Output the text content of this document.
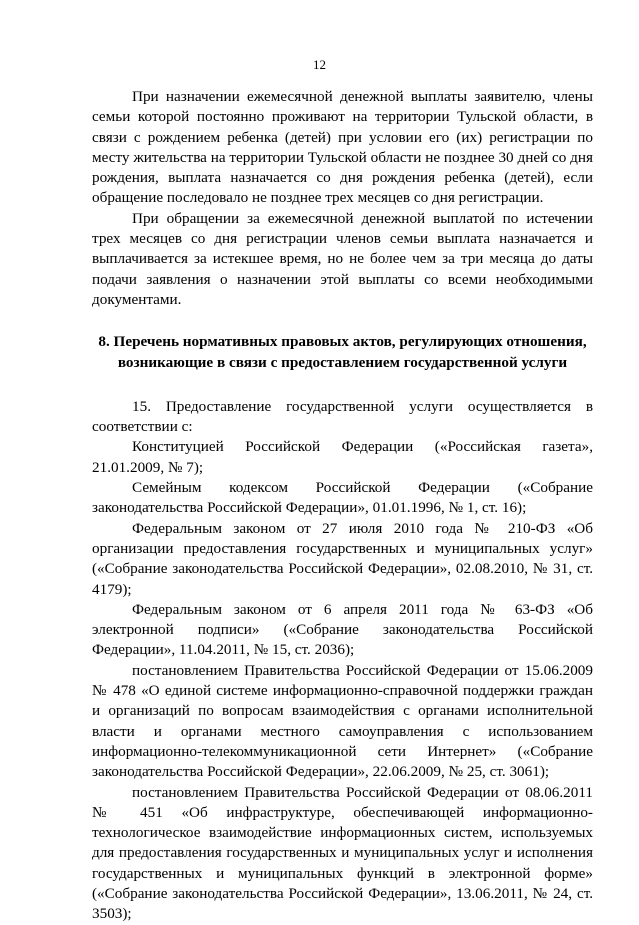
12

При назначении ежемесячной денежной выплаты заявителю, члены семьи которой постоянно проживают на территории Тульской области, в связи с рождением ребенка (детей) при условии его (их) регистрации по месту жительства на территории Тульской области не позднее 30 дней со дня рождения, выплата назначается со дня рождения ребенка (детей), если обращение последовало не позднее трех месяцев со дня регистрации.

При обращении за ежемесячной денежной выплатой по истечении трех месяцев со дня регистрации членов семьи выплата назначается и выплачивается за истекшее время, но не более чем за три месяца до даты подачи заявления о назначении этой выплаты со всеми необходимыми документами.

8. Перечень нормативных правовых актов, регулирующих отношения,
возникающие в связи с предоставлением государственной услуги

15. Предоставление государственной услуги осуществляется в соответствии с:

Конституцией Российской Федерации («Российская газета», 21.01.2009, № 7);

Семейным кодексом Российской Федерации («Собрание законодательства Российской Федерации», 01.01.1996, № 1, ст. 16);

Федеральным законом от 27 июля 2010 года № 210-ФЗ «Об организации предоставления государственных и муниципальных услуг» («Собрание законодательства Российской Федерации», 02.08.2010, № 31, ст. 4179);

Федеральным законом от 6 апреля 2011 года № 63-ФЗ «Об электронной подписи» («Собрание законодательства Российской Федерации», 11.04.2011, № 15, ст. 2036);

постановлением Правительства Российской Федерации от 15.06.2009 № 478 «О единой системе информационно-справочной поддержки граждан и организаций по вопросам взаимодействия с органами исполнительной власти и органами местного самоуправления с использованием информационно-телекоммуникационной сети Интернет» («Собрание законодательства Российской Федерации», 22.06.2009, № 25, ст. 3061);

постановлением Правительства Российской Федерации от 08.06.2011 № 451 «Об инфраструктуре, обеспечивающей информационно-технологическое взаимодействие информационных систем, используемых для предоставления государственных и муниципальных услуг и исполнения государственных и муниципальных функций в электронной форме» («Собрание законодательства Российской Федерации», 13.06.2011, № 24, ст. 3503);
